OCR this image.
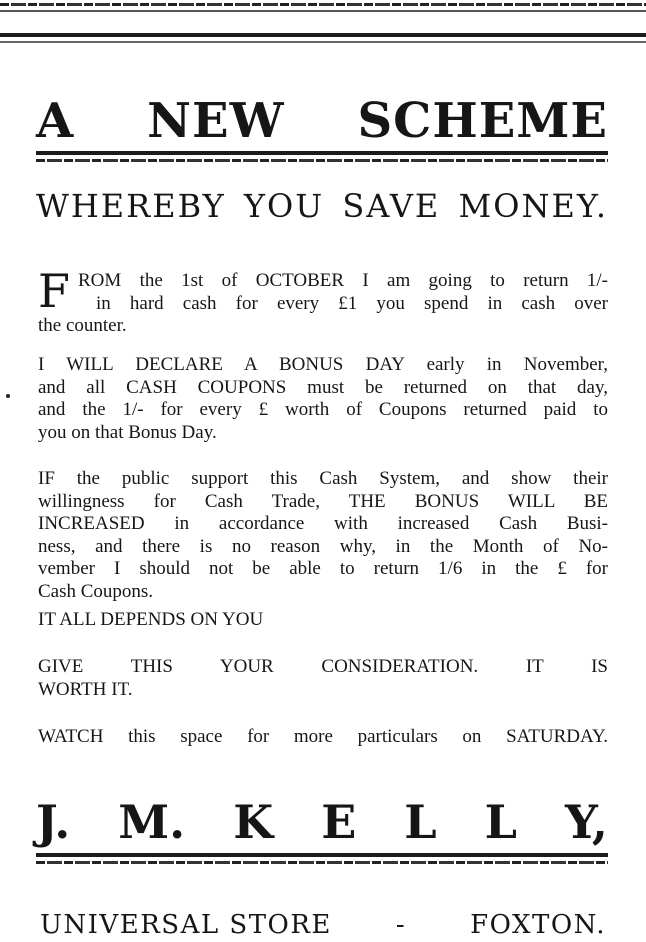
A NEW SCHEME
WHEREBY YOU SAVE MONEY.
F ROM the 1st of OCTOBER I am going to return 1/-
in hard cash for every £1 you spend in cash over
the counter.
I WILL DECLARE A BONUS DAY early in November,
and all CASH COUPONS must be returned on that day,
and the 1/- for every £ worth of Coupons returned paid to
you on that Bonus Day.
IF the public support this Cash System, and show their
willingness for Cash Trade, THE BONUS WILL BE
INCREASED in accordance with increased Cash Busi-
ness, and there is no reason why, in the Month of No-
vember I should not be able to return 1/6 in the £ for
Cash Coupons.
IT ALL DEPENDS ON YOU
GIVE THIS YOUR CONSIDERATION. IT IS
WORTH IT.
WATCH this space for more particulars on SATURDAY.
J. M. K E L L Y,
UNIVERSAL STORE - FOXTON.
